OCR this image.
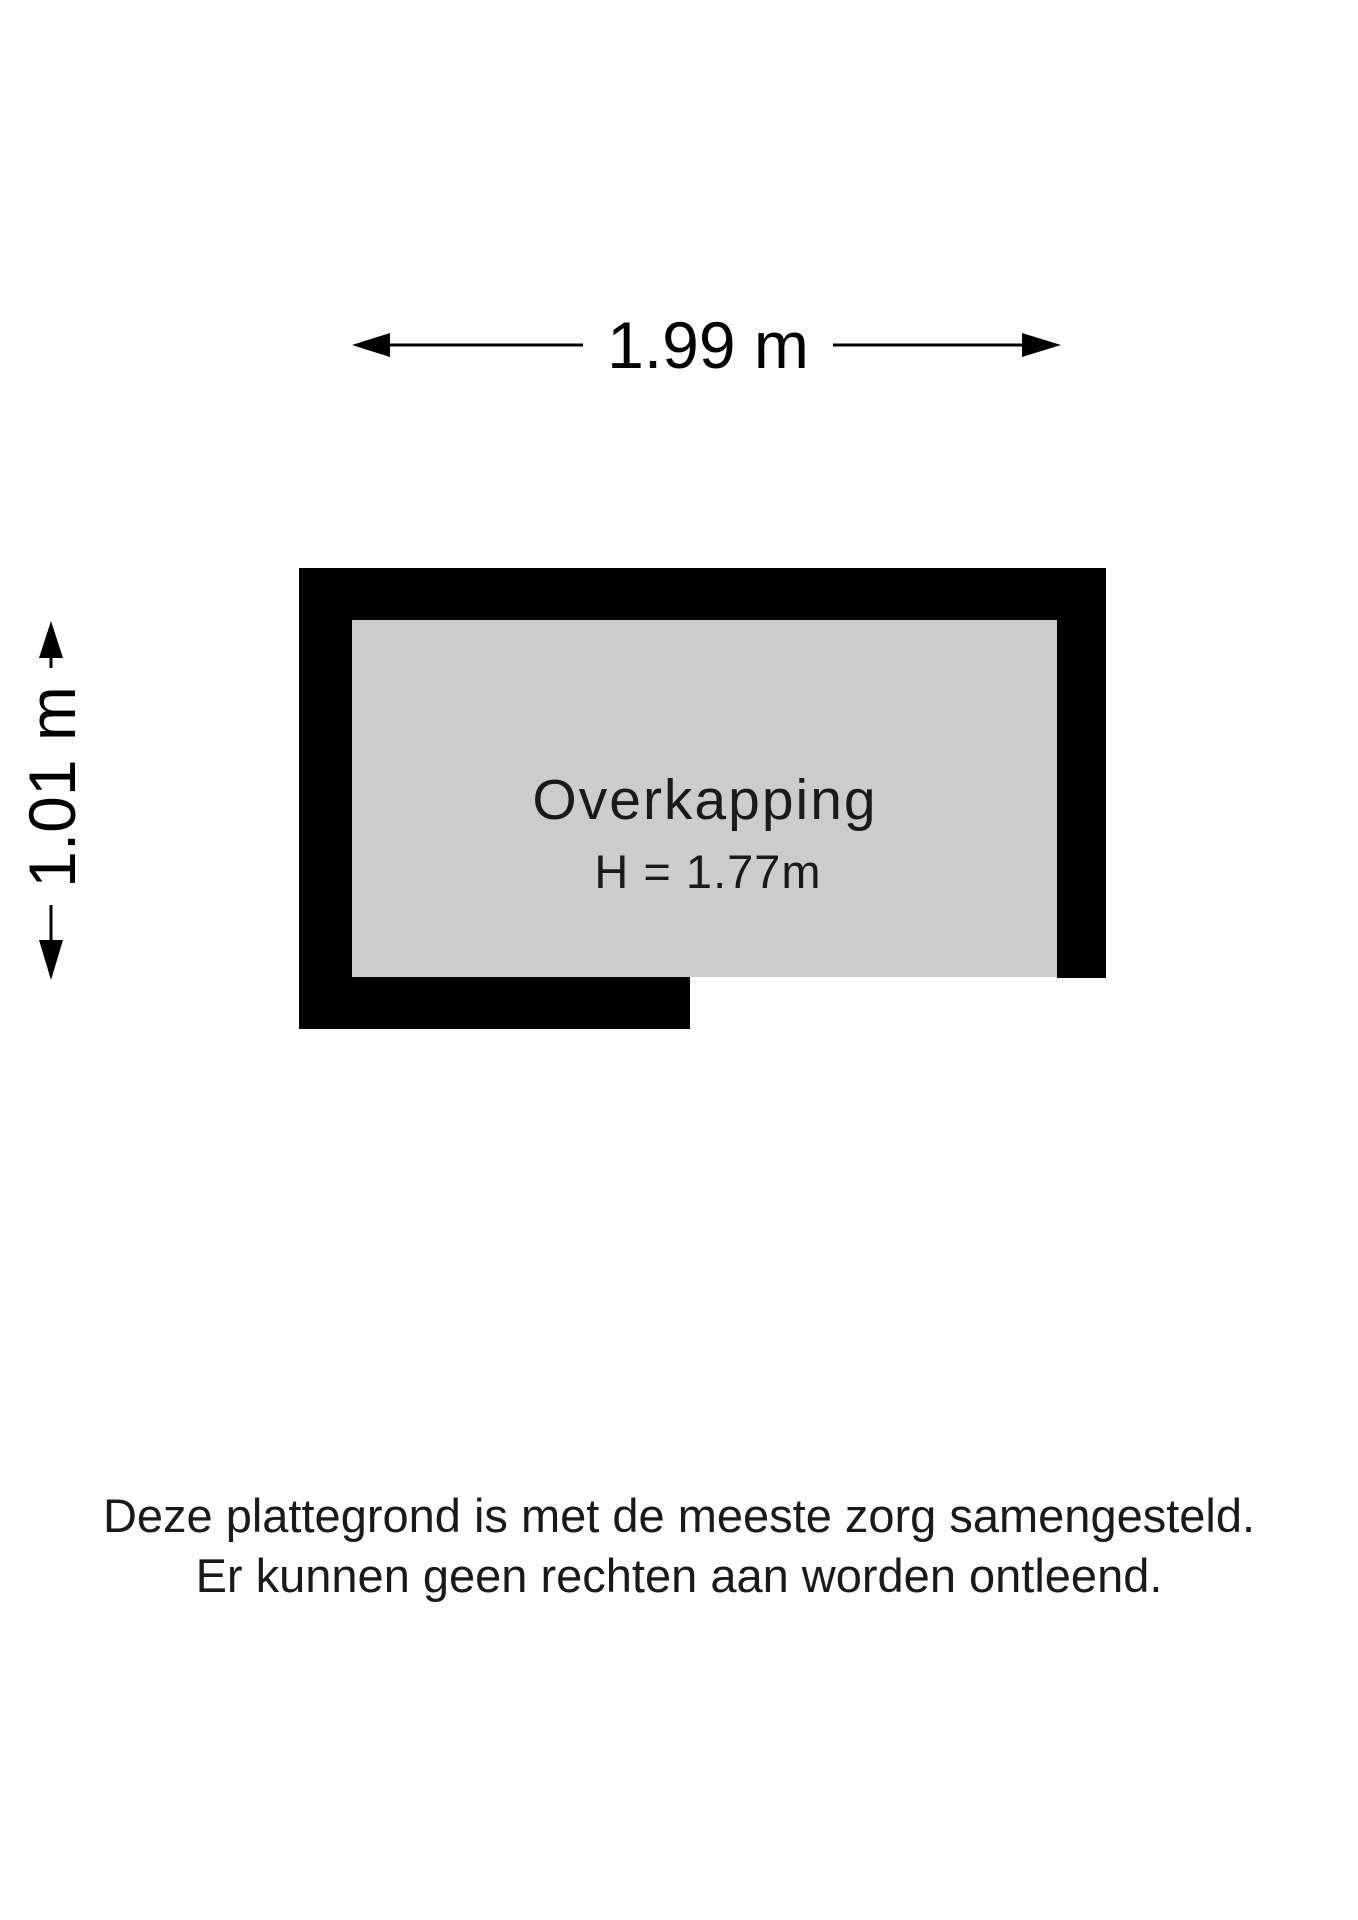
1.99 m
1.01 m	Overkapping
H = 1.77m
Deze plattegrond is met de meeste zorg samengesteld.
Er kunnen geen rechten aan worden ontleend.
